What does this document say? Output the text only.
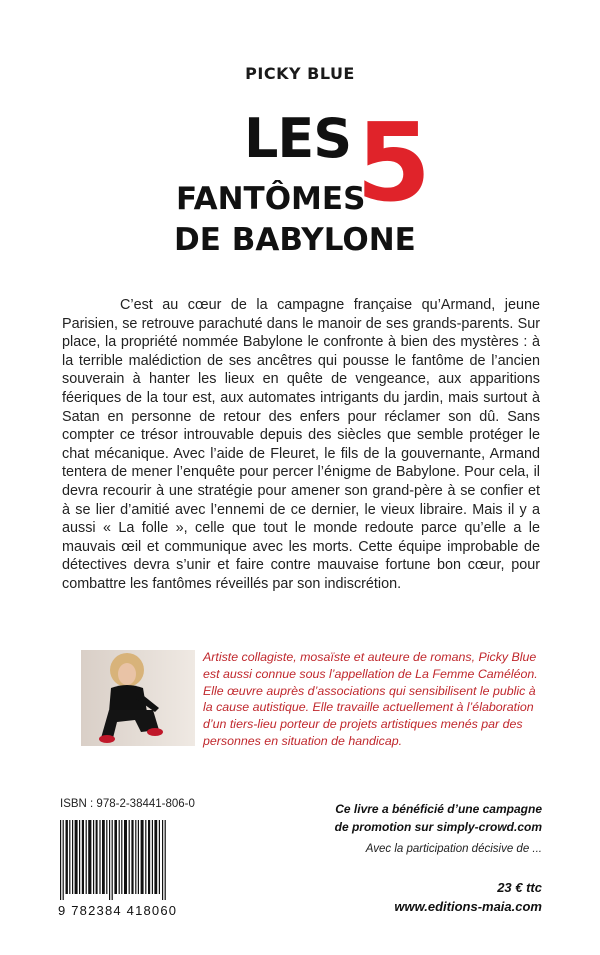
PICKY BLUE
LES 5
FANTÔMES
DE BABYLONE
C’est au cœur de la campagne française qu’Armand, jeune Parisien, se retrouve parachuté dans le manoir de ses grands-parents. Sur place, la propriété nommée Babylone le confronte à bien des mystères : à la terrible malédiction de ses ancêtres qui pousse le fantôme de l’ancien souverain à hanter les lieux en quête de vengeance, aux apparitions féeriques de la tour est, aux automates intrigants du jardin, mais surtout à Satan en personne de retour des enfers pour réclamer son dû. Sans compter ce trésor introuvable depuis des siècles que semble protéger le chat mécanique. Avec l’aide de Fleuret, le fils de la gouvernante, Armand tentera de mener l’enquête pour percer l’énigme de Babylone. Pour cela, il devra recourir à une stratégie pour amener son grand-père à se confier et à se lier d’amitié avec l’ennemi de ce dernier, le vieux libraire. Mais il y a aussi « La folle », celle que tout le monde redoute parce qu’elle a le mauvais œil et communique avec les morts. Cette équipe improbable de détectives devra s’unir et faire contre mauvaise fortune bon cœur, pour combattre les fantômes réveillés par son indiscrétion.
Artiste collagiste, mosaïste et auteure de romans, Picky Blue est aussi connue sous l’appellation de La Femme Caméléon. Elle œuvre auprès d’associations qui sensibilisent le public à la cause autistique. Elle travaille actuellement à l’élaboration d’un tiers-lieu porteur de projets artistiques menés par des personnes en situation de handicap.
ISBN : 978-2-38441-806-0
9 782384 418060
Ce livre a bénéficié d’une campagne
de promotion sur simply-crowd.com
Avec la participation décisive de ...
23 € ttc
www.editions-maia.com
